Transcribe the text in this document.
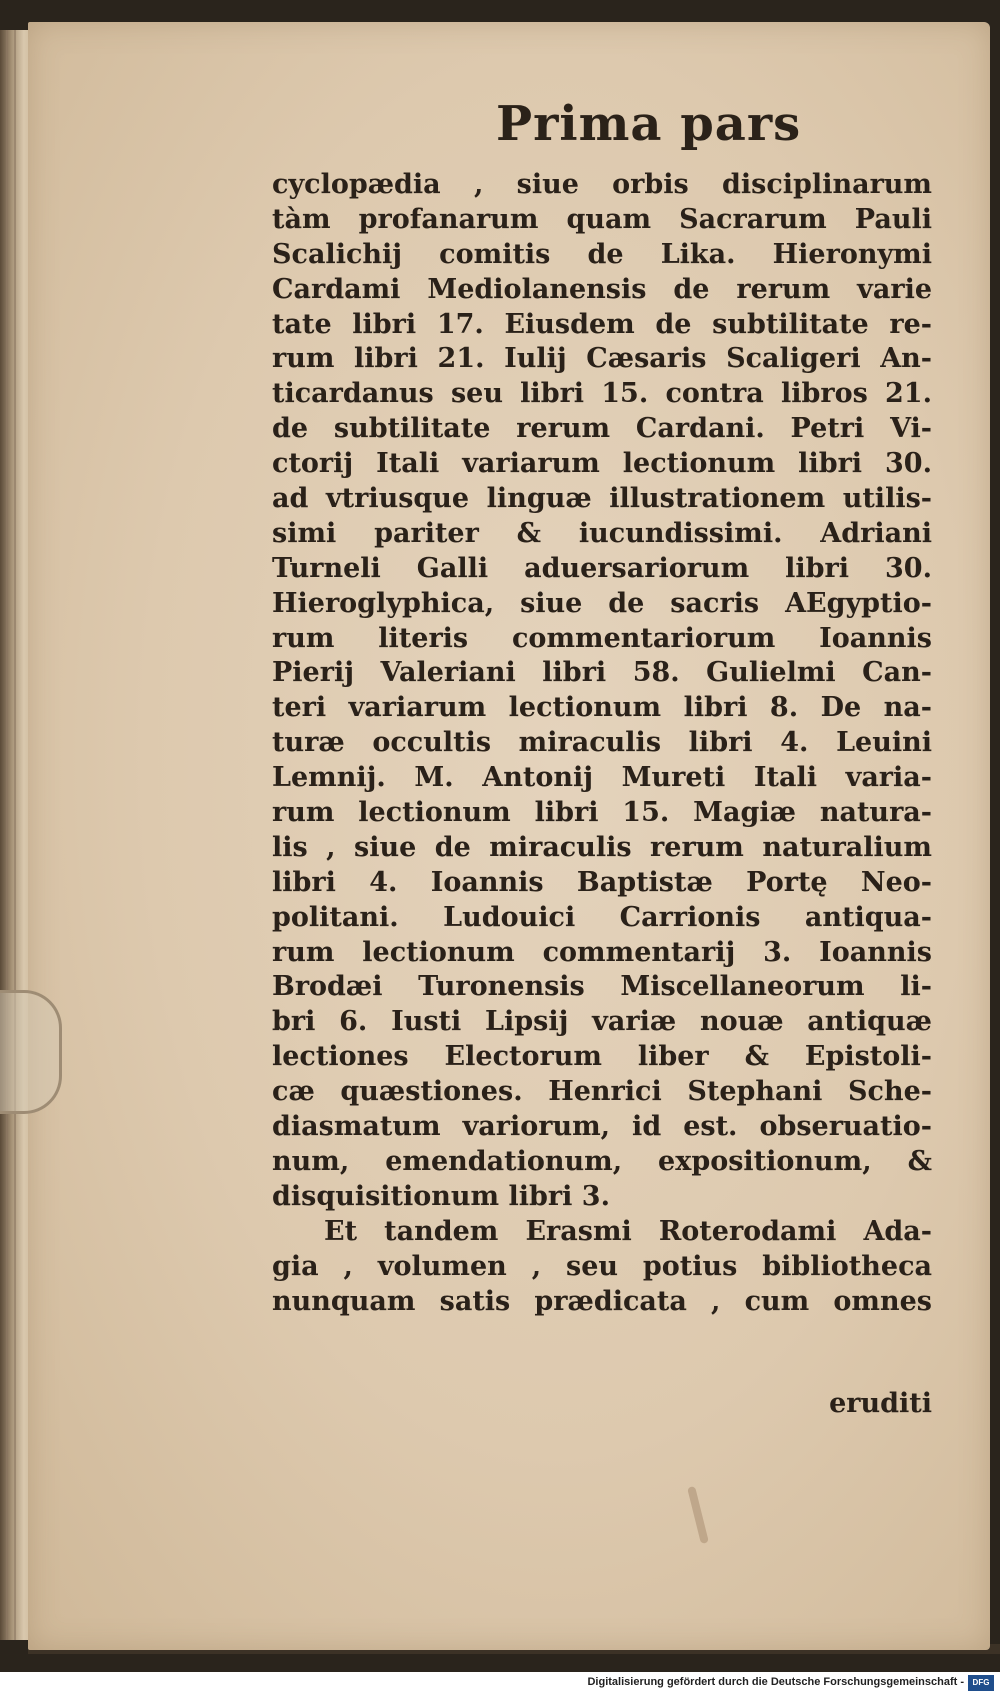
Prima pars
cyclopædia , siue orbis disciplinarum
tàm profanarum quam Sacrarum Pauli
Scalichij comitis de Lika. Hieronymi
Cardami Mediolanensis de rerum varie
tate libri 17. Eiusdem de subtilitate re-
rum libri 21. Iulij Cæsaris Scaligeri An-
ticardanus seu libri 15. contra libros 21.
de subtilitate rerum Cardani. Petri Vi-
ctorij Itali variarum lectionum libri 30.
ad vtriusque linguæ illustrationem utilis-
simi pariter & iucundissimi. Adriani
Turneli Galli aduersariorum libri 30.
Hieroglyphica, siue de sacris AEgyptio-
rum literis commentariorum Ioannis
Pierij Valeriani libri 58. Gulielmi Can-
teri variarum lectionum libri 8. De na-
turæ occultis miraculis libri 4. Leuini
Lemnij. M. Antonij Mureti Itali varia-
rum lectionum libri 15. Magiæ natura-
lis , siue de miraculis rerum naturalium
libri 4. Ioannis Baptistæ Portę Neo-
politani. Ludouici Carrionis antiqua-
rum lectionum commentarij 3. Ioannis
Brodæi Turonensis Miscellaneorum li-
bri 6. Iusti Lipsij variæ nouæ antiquæ
lectiones Electorum liber & Epistoli-
cæ quæstiones. Henrici Stephani Sche-
diasmatum variorum, id est. obseruatio-
num, emendationum, expositionum, &
disquisitionum libri 3.
Et tandem Erasmi Roterodami Ada-
gia , volumen , seu potius bibliotheca
nunquam satis prædicata , cum omnes
eruditi
Digitalisierung gefördert durch die Deutsche Forschungsgemeinschaft -	DFG
